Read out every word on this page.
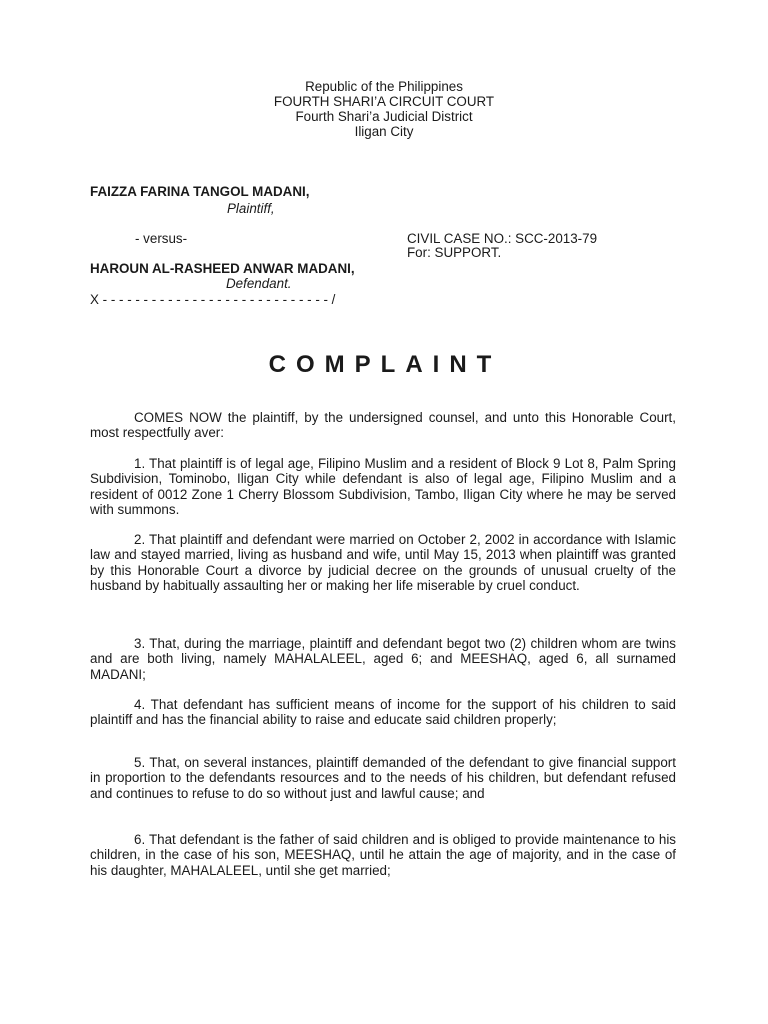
Republic of the Philippines
FOURTH SHARI’A CIRCUIT COURT
Fourth Shari’a Judicial District
Iligan City
FAIZZA FARINA TANGOL MADANI,
Plaintiff,
- versus-	CIVIL CASE NO.: SCC-2013-79
For: SUPPORT.
HAROUN AL-RASHEED ANWAR MADANI,
Defendant.
X - - - - - - - - - - - - - - - - - - - - - - - - - - - - /
COMPLAINT
COMES NOW the plaintiff, by the undersigned counsel, and unto this Honorable Court, most respectfully aver:
1. That plaintiff is of legal age, Filipino Muslim and a resident of Block 9 Lot 8, Palm Spring Subdivision, Tominobo, Iligan City while defendant is also of legal age, Filipino Muslim and a resident of 0012 Zone 1 Cherry Blossom Subdivision, Tambo, Iligan City where he may be served with summons.
2. That plaintiff and defendant were married on October 2, 2002 in accordance with Islamic law and stayed married, living as husband and wife, until May 15, 2013 when plaintiff was granted by this Honorable Court a divorce by judicial decree on the grounds of unusual cruelty of the husband by habitually assaulting her or making her life miserable by cruel conduct.
3. That, during the marriage, plaintiff and defendant begot two (2) children whom are twins and are both living, namely MAHALALEEL, aged 6; and MEESHAQ, aged 6, all surnamed MADANI;
4. That defendant has sufficient means of income for the support of his children to said plaintiff and has the financial ability to raise and educate said children properly;
5. That, on several instances, plaintiff demanded of the defendant to give financial support in proportion to the defendants resources and to the needs of his children, but defendant refused and continues to refuse to do so without just and lawful cause; and
6. That defendant is the father of said children and is obliged to provide maintenance to his children, in the case of his son, MEESHAQ, until he attain the age of majority, and in the case of his daughter, MAHALALEEL, until she get married;
